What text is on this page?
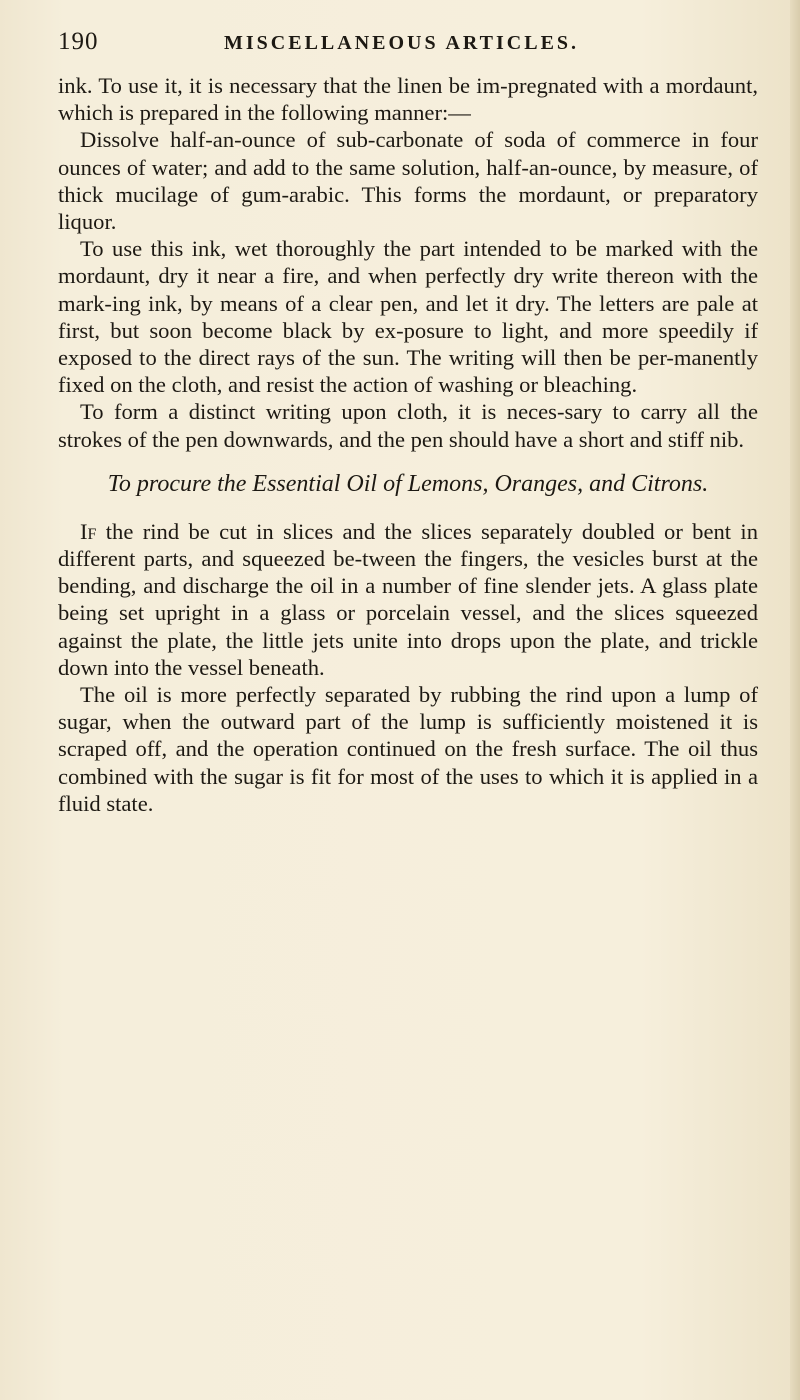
190	MISCELLANEOUS ARTICLES.

ink. To use it, it is necessary that the linen be im-pregnated with a mordaunt, which is prepared in the following manner:—

Dissolve half-an-ounce of sub-carbonate of soda of commerce in four ounces of water; and add to the same solution, half-an-ounce, by measure, of thick mucilage of gum-arabic. This forms the mordaunt, or preparatory liquor.

To use this ink, wet thoroughly the part intended to be marked with the mordaunt, dry it near a fire, and when perfectly dry write thereon with the mark-ing ink, by means of a clear pen, and let it dry. The letters are pale at first, but soon become black by ex-posure to light, and more speedily if exposed to the direct rays of the sun. The writing will then be per-manently fixed on the cloth, and resist the action of washing or bleaching.

To form a distinct writing upon cloth, it is neces-sary to carry all the strokes of the pen downwards, and the pen should have a short and stiff nib.

To procure the Essential Oil of Lemons, Oranges, and Citrons.

If the rind be cut in slices and the slices separately doubled or bent in different parts, and squeezed be-tween the fingers, the vesicles burst at the bending, and discharge the oil in a number of fine slender jets. A glass plate being set upright in a glass or porcelain vessel, and the slices squeezed against the plate, the little jets unite into drops upon the plate, and trickle down into the vessel beneath.

The oil is more perfectly separated by rubbing the rind upon a lump of sugar, when the outward part of the lump is sufficiently moistened it is scraped off, and the operation continued on the fresh surface. The oil thus combined with the sugar is fit for most of the uses to which it is applied in a fluid state.
